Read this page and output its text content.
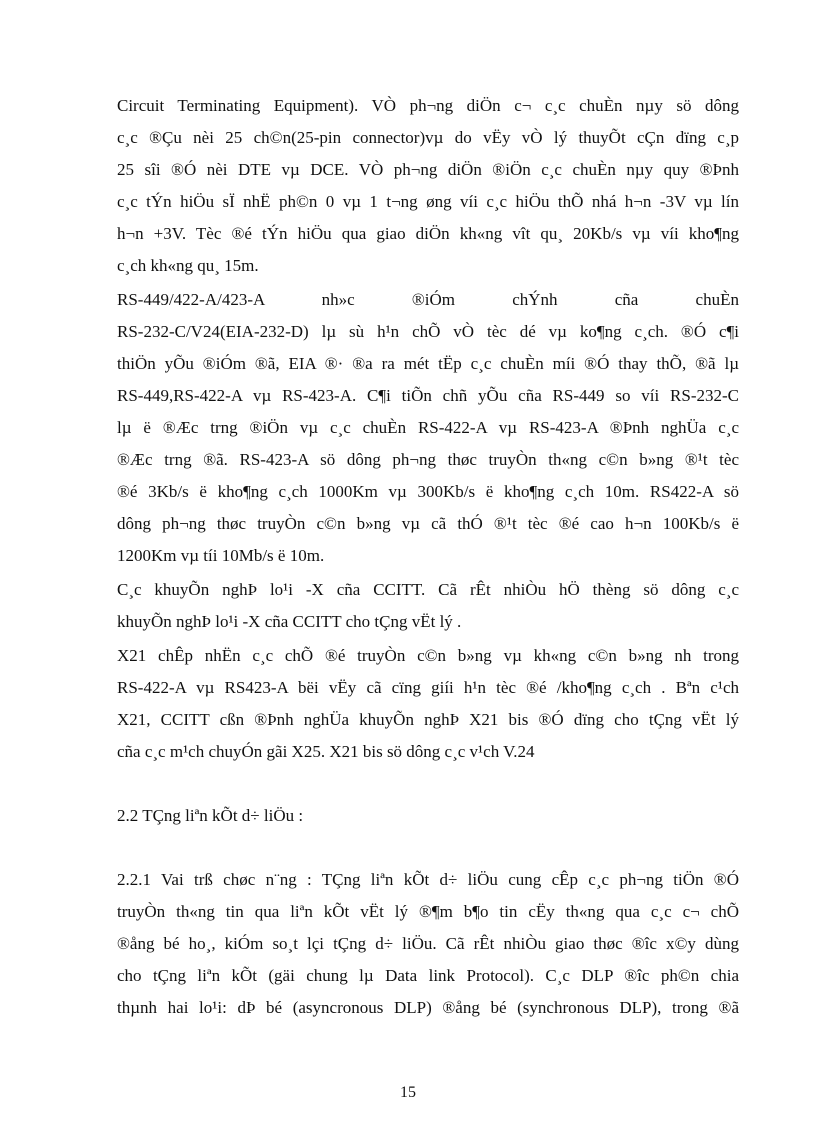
Circuit Terminating Equipment). VÒ ph¬ng diÖn c¬ c¸c chuÈn nµy sö dông
c¸c ®Çu nèi 25 ch©n(25-pin connector)vµ do vËy vÒ lý thuyÕt cÇn dïng c¸p
25 sîi ®Ó nèi DTE vµ DCE. VÒ ph¬ng diÖn ®iÖn c¸c chuÈn nµy quy ®Þnh
c¸c tÝn hiÖu sÏ nhË ph©n 0 vµ 1 t¬ng øng víi c¸c hiÖu thÕ nhá h¬n -3V vµ lín
h¬n +3V. Tèc ®é tÝn hiÖu qua giao diÖn kh«ng vît qu¸ 20Kb/s vµ víi kho¶ng
c¸ch kh«ng qu¸ 15m.
RS-449/422-A/423-A nh»c ®iÓm chÝnh cña chuÈn
RS-232-C/V24(EIA-232-D) lµ sù h¹n chÕ vÒ tèc dé vµ ko¶ng c¸ch. ®Ó c¶i
thiÖn yÕu ®iÓm ®ã, EIA ®· ®a ra mét tËp c¸c chuÈn míi ®Ó thay thÕ, ®ã lµ
RS-449,RS-422-A vµ RS-423-A. C¶i tiÕn chñ yÕu cña RS-449 so víi RS-232-C
lµ ë ®Æc trng ®iÖn vµ c¸c chuÈn RS-422-A vµ RS-423-A ®Þnh nghÜa c¸c
®Æc trng ®ã. RS-423-A sö dông ph¬ng thøc truyÒn th«ng c©n b»ng ®¹t tèc
®é 3Kb/s ë kho¶ng c¸ch 1000Km vµ 300Kb/s ë kho¶ng c¸ch 10m. RS422-A sö
dông ph¬ng thøc truyÒn c©n b»ng vµ cã thÓ ®¹t tèc ®é cao h¬n 100Kb/s ë
1200Km vµ tíi 10Mb/s ë 10m.
C¸c khuyÕn nghÞ lo¹i -X cña CCITT. Cã rÊt nhiÒu hÖ thèng sö dông c¸c
khuyÕn nghÞ lo¹i -X cña CCITT cho tÇng vËt lý .
X21 chÊp nhËn c¸c chÕ ®é truyÒn c©n b»ng vµ kh«ng c©n b»ng nh trong
RS-422-A vµ RS423-A bëi vËy cã cïng giíi h¹n tèc ®é /kho¶ng c¸ch . Bªn c¹ch
X21, CCITT cßn ®Þnh nghÜa khuyÕn nghÞ X21 bis ®Ó dïng cho tÇng vËt lý
cña c¸c m¹ch chuyÓn gãi X25. X21 bis sö dông c¸c v¹ch V.24
2.2 TÇng liªn kÕt d÷ liÖu :
2.2.1 Vai trß chøc n¨ng : TÇng liªn kÕt d÷ liÖu cung cÊp c¸c ph¬ng tiÖn ®Ó
truyÒn th«ng tin qua liªn kÕt vËt lý ®¶m b¶o tin cËy th«ng qua c¸c c¬ chÕ
®ång bé ho¸, kiÓm so¸t lçi tÇng d÷ liÖu. Cã rÊt nhiÒu giao thøc ®îc x©y dùng
cho tÇng liªn kÕt (gäi chung lµ Data link Protocol). C¸c DLP ®îc ph©n chia
thµnh hai lo¹i: dÞ bé (asyncronous DLP) ®ång bé (synchronous DLP), trong ®ã
15
